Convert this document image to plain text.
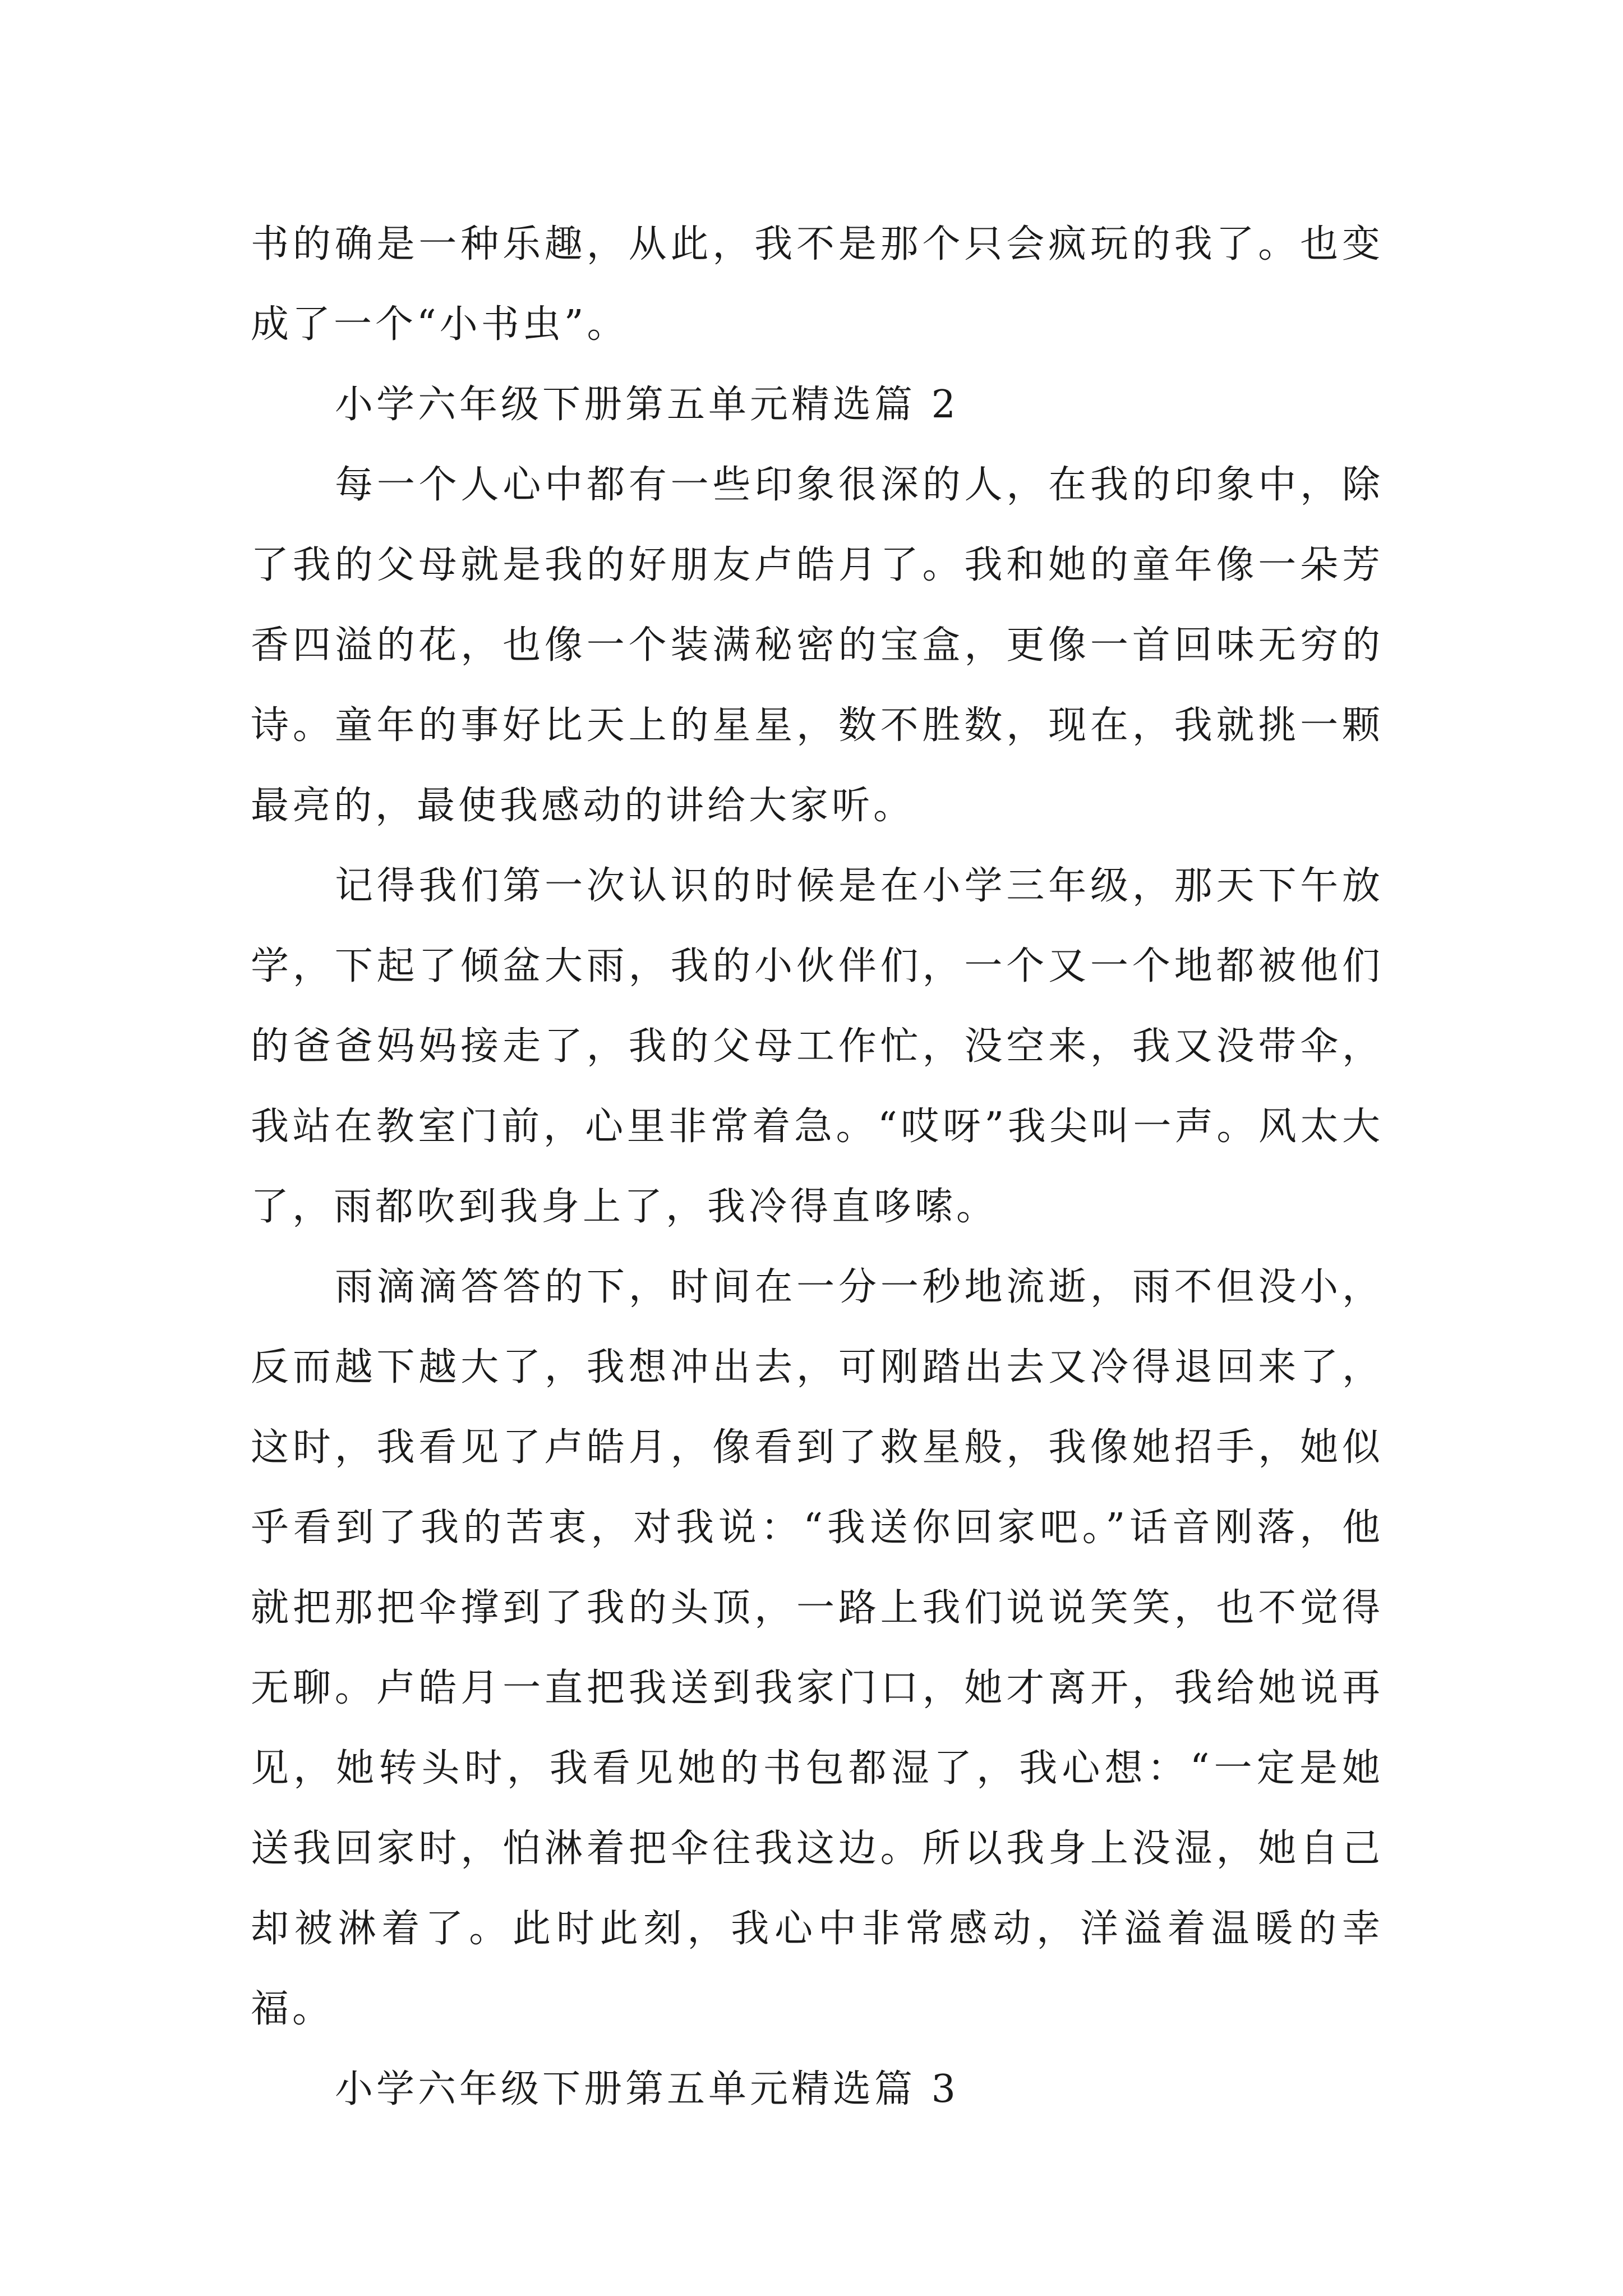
书的确是一种乐趣，从此，我不是那个只会疯玩的我了。也变成了一个“小书虫”。

小学六年级下册第五单元精选篇 2

每一个人心中都有一些印象很深的人，在我的印象中，除了我的父母就是我的好朋友卢皓月了。我和她的童年像一朵芳香四溢的花，也像一个装满秘密的宝盒，更像一首回味无穷的诗。童年的事好比天上的星星，数不胜数，现在，我就挑一颗最亮的，最使我感动的讲给大家听。

记得我们第一次认识的时候是在小学三年级，那天下午放学，下起了倾盆大雨，我的小伙伴们，一个又一个地都被他们的爸爸妈妈接走了，我的父母工作忙，没空来，我又没带伞，我站在教室门前，心里非常着急。“哎呀”我尖叫一声。风太大了，雨都吹到我身上了，我冷得直哆嗦。

雨滴滴答答的下，时间在一分一秒地流逝，雨不但没小，反而越下越大了，我想冲出去，可刚踏出去又冷得退回来了，这时，我看见了卢皓月，像看到了救星般，我像她招手，她似乎看到了我的苦衷，对我说：“我送你回家吧。”话音刚落，他就把那把伞撑到了我的头顶，一路上我们说说笑笑，也不觉得无聊。卢皓月一直把我送到我家门口，她才离开，我给她说再见，她转头时，我看见她的书包都湿了，我心想：“一定是她送我回家时，怕淋着把伞往我这边。所以我身上没湿，她自己却被淋着了。此时此刻，我心中非常感动，洋溢着温暖的幸福。

小学六年级下册第五单元精选篇 3
